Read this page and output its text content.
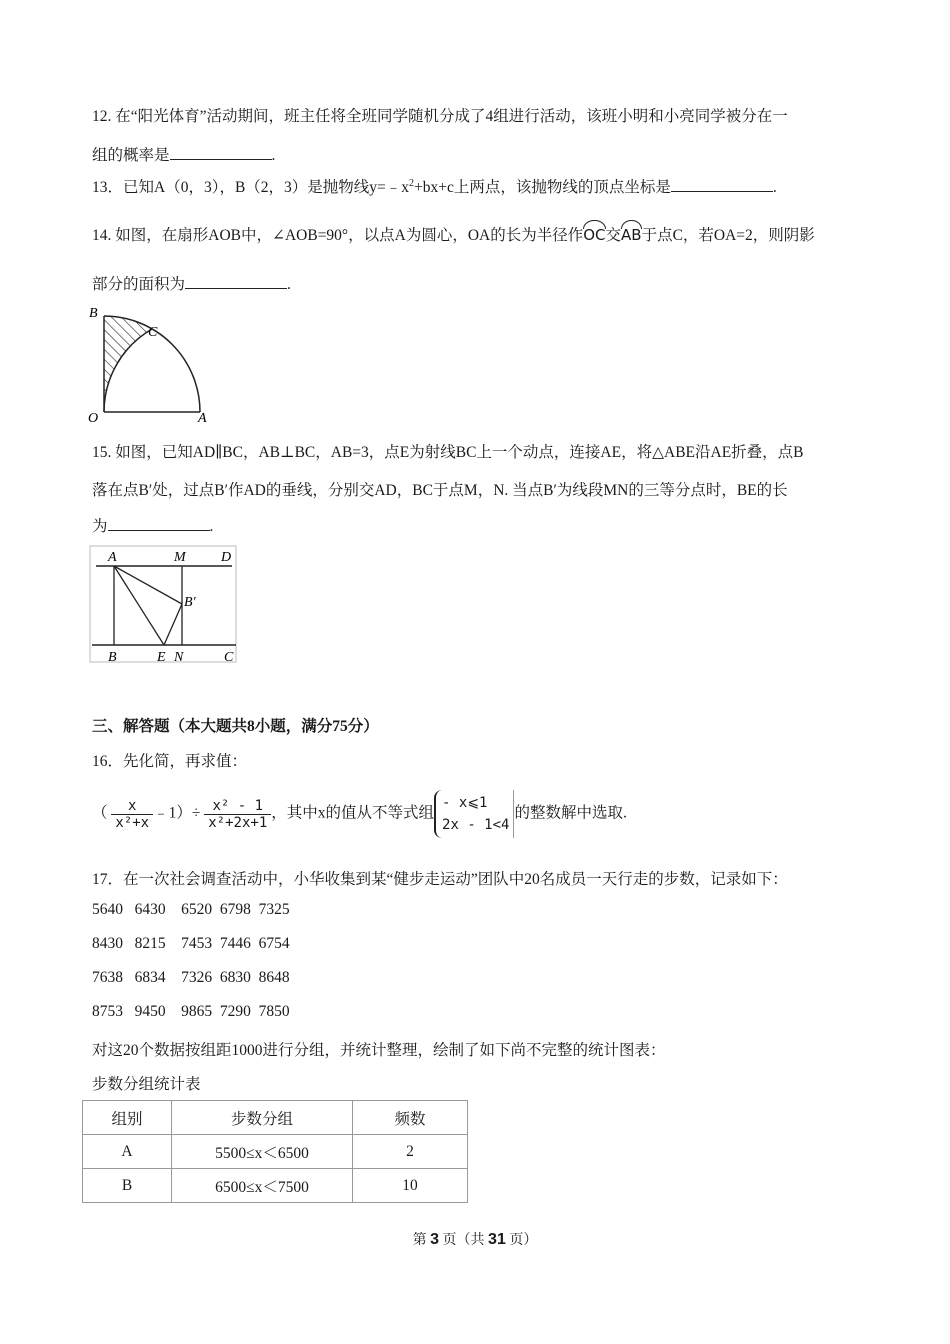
12. 在“阳光体育”活动期间，班主任将全班同学随机分成了4组进行活动，该班小明和小亮同学被分在一
组的概率是	.
13．已知A（0，3），B（2，3）是抛物线$y=﹣x^2+bx+c$上两点，该抛物线的顶点坐标是	.
14. 如图，在扇形AOB中，∠AOB=90°，以点A为圆心，OA的长为半径作OC交AB于点C，若OA=2，则阴影
部分的面积为	.
B
C
O	A
15. 如图，已知AD∥BC，AB⊥BC，AB=3，点E为射线BC上一个动点，连接AE，将△ABE沿AE折叠，点B
落在点B′处，过点B′作AD的垂线，分别交AD，BC于点M，N. 当点B′为线段MN的三等分点时，BE的长
为	.
A	M	D
B′
B	E N	C
三、解答题（本大题共8小题，满分75分）
16．先化简，再求值：
（ $\frac{x}{\text{x²+x}}$ ﹣1）÷ $\frac{\text{x² - 1}}{\text{x²+2x+1}}$ ，其中x的值从不等式组- x⩽1
2x - 1<4的整数解中选取.
17．在一次社会调查活动中，小华收集到某“健步走运动”团队中20名成员一天行走的步数，记录如下：
5640   6430    6520  6798  7325
8430   8215    7453  7446  6754
7638   6834    7326  6830  8648
8753   9450    9865  7290  7850
对这20个数据按组距1000进行分组，并统计整理，绘制了如下尚不完整的统计图表：
步数分组统计表
组别	步数分组	频数
A	5500≤x＜6500	2
B	6500≤x＜7500	10
第 3 页（共 31 页）
